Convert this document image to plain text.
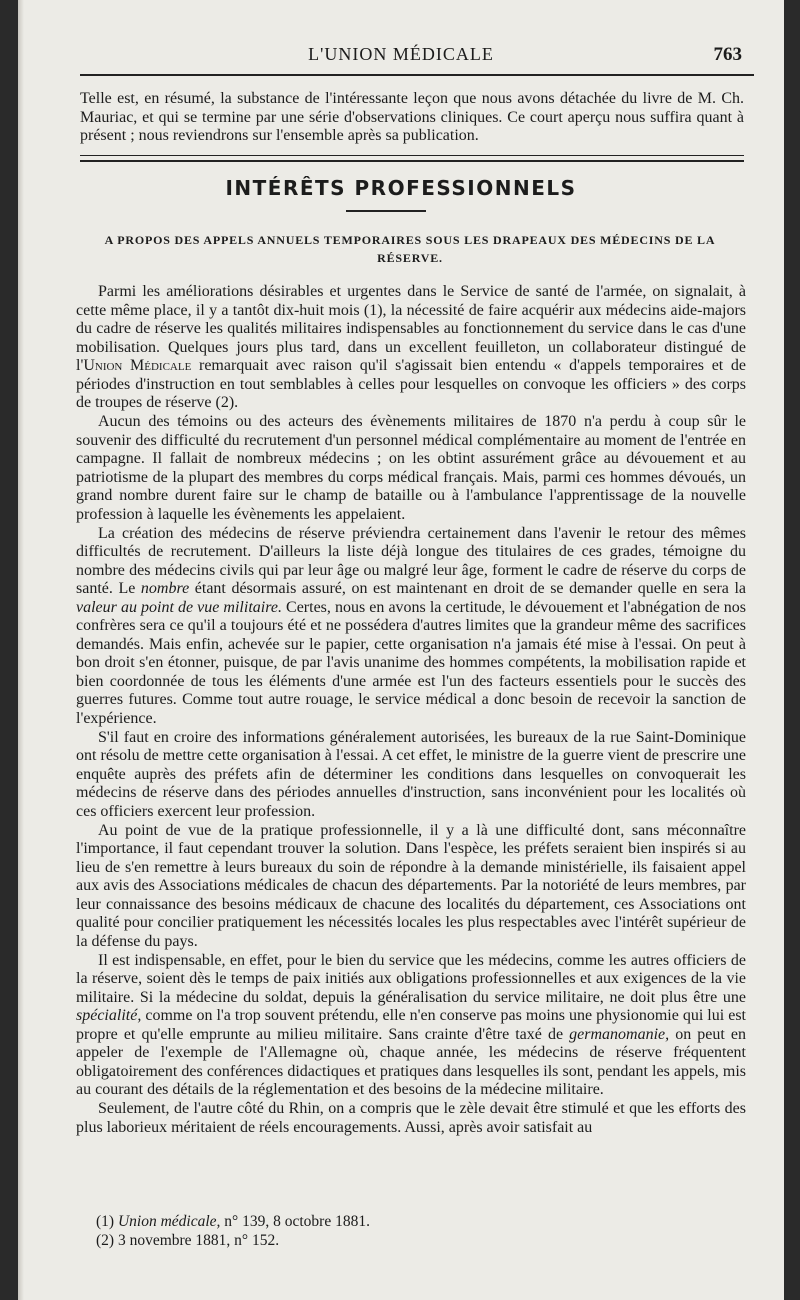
L'UNION MÉDICALE	763
Telle est, en résumé, la substance de l'intéressante leçon que nous avons détachée du livre de M. Ch. Mauriac, et qui se termine par une série d'observations cliniques. Ce court aperçu nous suffira quant à présent ; nous reviendrons sur l'ensemble après sa publication.
INTÉRÊTS PROFESSIONNELS
A PROPOS DES APPELS ANNUELS TEMPORAIRES SOUS LES DRAPEAUX DES MÉDECINS DE LA RÉSERVE.

Parmi les améliorations désirables et urgentes dans le Service de santé de l'armée, on signalait, à cette même place, il y a tantôt dix-huit mois (1), la nécessité de faire acquérir aux médecins aide-majors du cadre de réserve les qualités militaires indispensables au fonctionnement du service dans le cas d'une mobilisation. Quelques jours plus tard, dans un excellent feuilleton, un collaborateur distingué de l'Union Médicale remarquait avec raison qu'il s'agissait bien entendu « d'appels temporaires et de périodes d'instruction en tout semblables à celles pour lesquelles on convoque les officiers » des corps de troupes de réserve (2).

Aucun des témoins ou des acteurs des évènements militaires de 1870 n'a perdu à coup sûr le souvenir des difficulté du recrutement d'un personnel médical complémentaire au moment de l'entrée en campagne. Il fallait de nombreux médecins ; on les obtint assurément grâce au dévouement et au patriotisme de la plupart des membres du corps médical français. Mais, parmi ces hommes dévoués, un grand nombre durent faire sur le champ de bataille ou à l'ambulance l'apprentissage de la nouvelle profession à laquelle les évènements les appelaient.

La création des médecins de réserve préviendra certainement dans l'avenir le retour des mêmes difficultés de recrutement. D'ailleurs la liste déjà longue des titulaires de ces grades, témoigne du nombre des médecins civils qui par leur âge ou malgré leur âge, forment le cadre de réserve du corps de santé. Le nombre étant désormais assuré, on est maintenant en droit de se demander quelle en sera la valeur au point de vue militaire. Certes, nous en avons la certitude, le dévouement et l'abnégation de nos confrères sera ce qu'il a toujours été et ne possédera d'autres limites que la grandeur même des sacrifices demandés. Mais enfin, achevée sur le papier, cette organisation n'a jamais été mise à l'essai. On peut à bon droit s'en étonner, puisque, de par l'avis unanime des hommes compétents, la mobilisation rapide et bien coordonnée de tous les éléments d'une armée est l'un des facteurs essentiels pour le succès des guerres futures. Comme tout autre rouage, le service médical a donc besoin de recevoir la sanction de l'expérience.

S'il faut en croire des informations généralement autorisées, les bureaux de la rue Saint-Dominique ont résolu de mettre cette organisation à l'essai. A cet effet, le ministre de la guerre vient de prescrire une enquête auprès des préfets afin de déterminer les conditions dans lesquelles on convoquerait les médecins de réserve dans des périodes annuelles d'instruction, sans inconvénient pour les localités où ces officiers exercent leur profession.

Au point de vue de la pratique professionnelle, il y a là une difficulté dont, sans méconnaître l'importance, il faut cependant trouver la solution. Dans l'espèce, les préfets seraient bien inspirés si au lieu de s'en remettre à leurs bureaux du soin de répondre à la demande ministérielle, ils faisaient appel aux avis des Associations médicales de chacun des départements. Par la notoriété de leurs membres, par leur connaissance des besoins médicaux de chacune des localités du département, ces Associations ont qualité pour concilier pratiquement les nécessités locales les plus respectables avec l'intérêt supérieur de la défense du pays.

Il est indispensable, en effet, pour le bien du service que les médecins, comme les autres officiers de la réserve, soient dès le temps de paix initiés aux obligations professionnelles et aux exigences de la vie militaire. Si la médecine du soldat, depuis la généralisation du service militaire, ne doit plus être une spécialité, comme on l'a trop souvent prétendu, elle n'en conserve pas moins une physionomie qui lui est propre et qu'elle emprunte au milieu militaire. Sans crainte d'être taxé de germanomanie, on peut en appeler de l'exemple de l'Allemagne où, chaque année, les médecins de réserve fréquentent obligatoirement des conférences didactiques et pratiques dans lesquelles ils sont, pendant les appels, mis au courant des détails de la réglementation et des besoins de la médecine militaire.

Seulement, de l'autre côté du Rhin, on a compris que le zèle devait être stimulé et que les efforts des plus laborieux méritaient de réels encouragements. Aussi, après avoir satisfait au

(1) Union médicale, n° 139, 8 octobre 1881.
(2) 3 novembre 1881, n° 152.
